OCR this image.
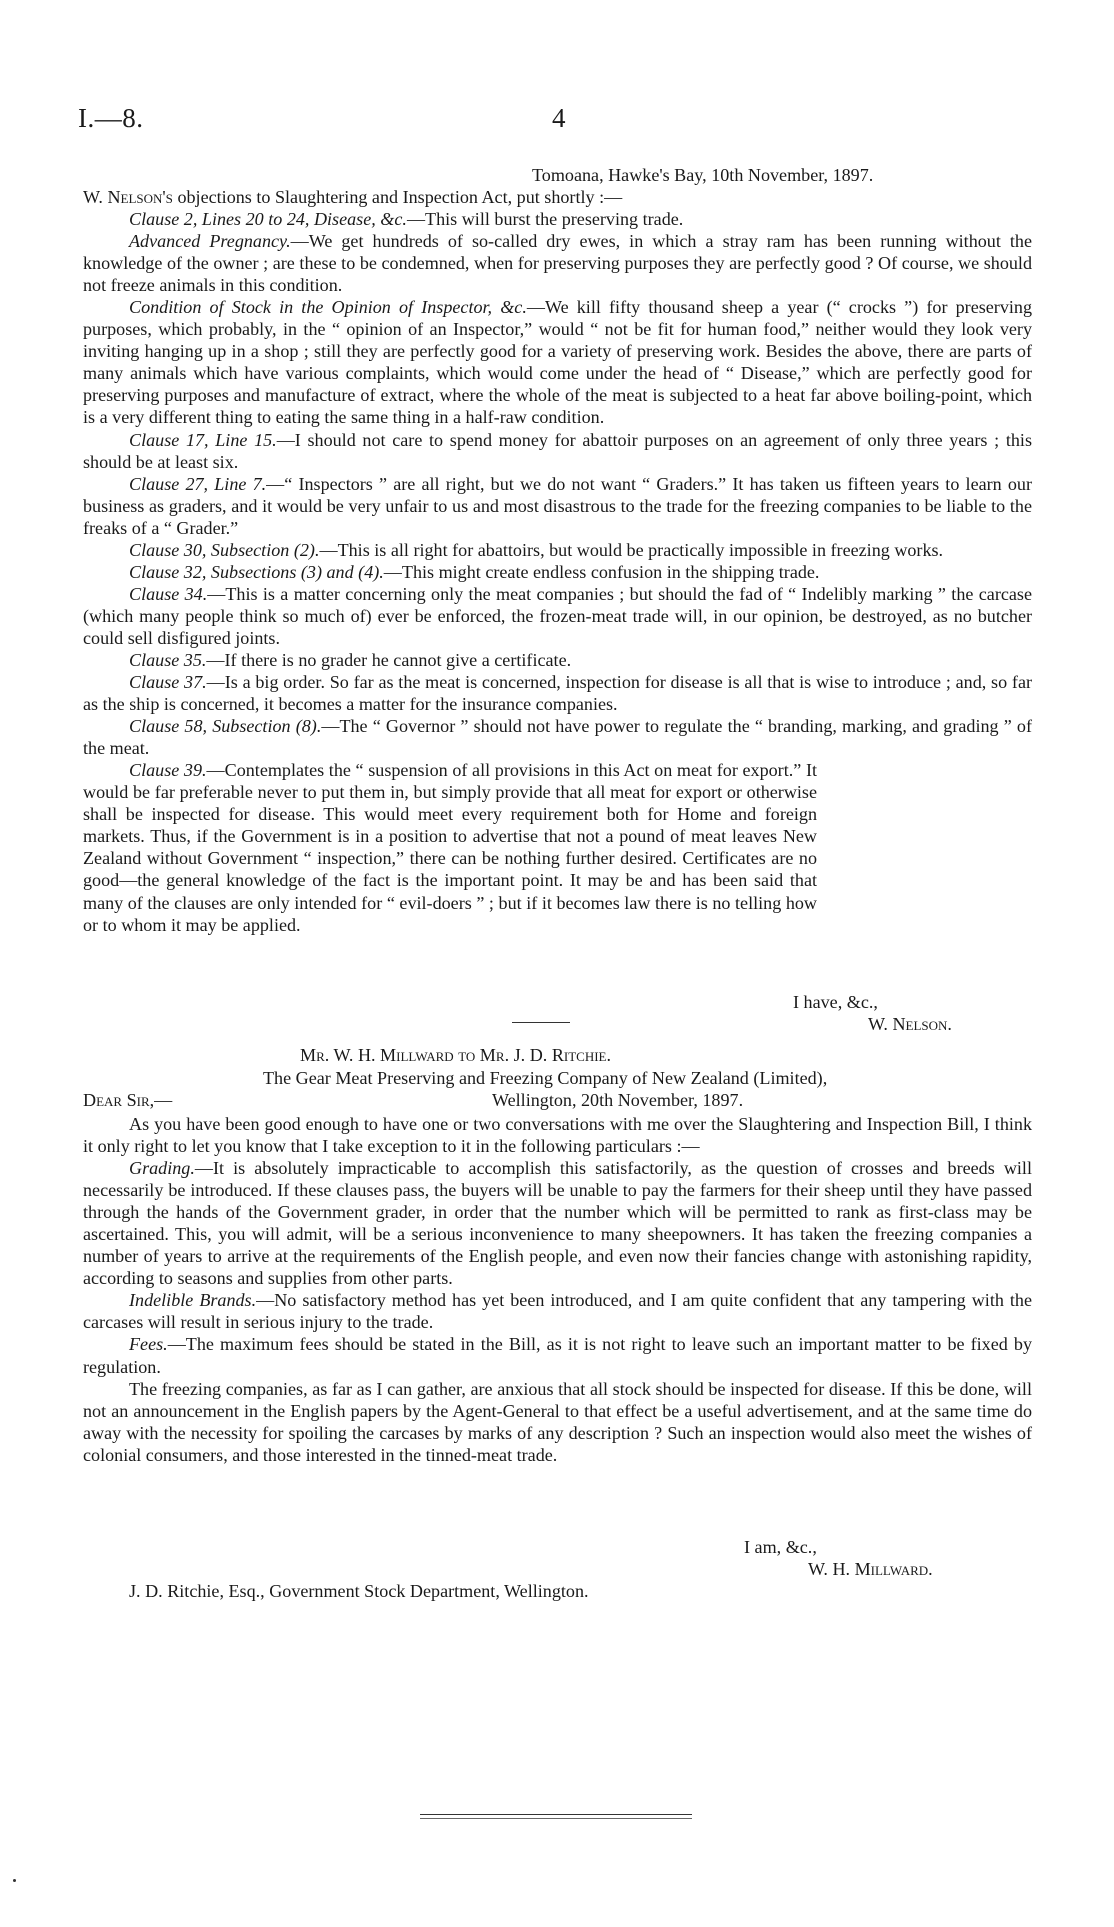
I.—8.	4
Tomoana, Hawke's Bay, 10th November, 1897.

W. Nelson's objections to Slaughtering and Inspection Act, put shortly :—

Clause 2, Lines 20 to 24, Disease, &c.—This will burst the preserving trade.

Advanced Pregnancy.—We get hundreds of so-called dry ewes, in which a stray ram has been running without the knowledge of the owner ; are these to be condemned, when for preserving purposes they are perfectly good ? Of course, we should not freeze animals in this condition.

Condition of Stock in the Opinion of Inspector, &c.—We kill fifty thousand sheep a year (“ crocks ”) for preserving purposes, which probably, in the “ opinion of an Inspector,” would “ not be fit for human food,” neither would they look very inviting hanging up in a shop ; still they are perfectly good for a variety of preserving work. Besides the above, there are parts of many animals which have various complaints, which would come under the head of “ Disease,” which are perfectly good for preserving purposes and manufacture of extract, where the whole of the meat is subjected to a heat far above boiling-point, which is a very different thing to eating the same thing in a half-raw condition.

Clause 17, Line 15.—I should not care to spend money for abattoir purposes on an agreement of only three years ; this should be at least six.

Clause 27, Line 7.—“ Inspectors ” are all right, but we do not want “ Graders.” It has taken us fifteen years to learn our business as graders, and it would be very unfair to us and most disastrous to the trade for the freezing companies to be liable to the freaks of a “ Grader.”

Clause 30, Subsection (2).—This is all right for abattoirs, but would be practically impossible in freezing works.

Clause 32, Subsections (3) and (4).—This might create endless confusion in the shipping trade.

Clause 34.—This is a matter concerning only the meat companies ; but should the fad of “ Indelibly marking ” the carcase (which many people think so much of) ever be enforced, the frozen-meat trade will, in our opinion, be destroyed, as no butcher could sell disfigured joints.

Clause 35.—If there is no grader he cannot give a certificate.

Clause 37.—Is a big order. So far as the meat is concerned, inspection for disease is all that is wise to introduce ; and, so far as the ship is concerned, it becomes a matter for the insurance companies.

Clause 58, Subsection (8).—The “ Governor ” should not have power to regulate the “ branding, marking, and grading ” of the meat.

Clause 39.—Contemplates the “ suspension of all provisions in this Act on meat for export.” It would be far preferable never to put them in, but simply provide that all meat for export or otherwise shall be inspected for disease. This would meet every requirement both for Home and foreign markets. Thus, if the Government is in a position to advertise that not a pound of meat leaves New Zealand without Government “ inspection,” there can be nothing further desired. Certificates are no good—the general knowledge of the fact is the important point. It may be and has been said that many of the clauses are only intended for “ evil-doers ” ; but if it becomes law there is no telling how or to whom it may be applied.

I have, &c.,
W. Nelson.
Mr. W. H. Millward to Mr. J. D. Ritchie.
The Gear Meat Preserving and Freezing Company of New Zealand (Limited),
Dear Sir,—	Wellington, 20th November, 1897.

As you have been good enough to have one or two conversations with me over the Slaughtering and Inspection Bill, I think it only right to let you know that I take exception to it in the following particulars :—

Grading.—It is absolutely impracticable to accomplish this satisfactorily, as the question of crosses and breeds will necessarily be introduced. If these clauses pass, the buyers will be unable to pay the farmers for their sheep until they have passed through the hands of the Government grader, in order that the number which will be permitted to rank as first-class may be ascertained. This, you will admit, will be a serious inconvenience to many sheepowners. It has taken the freezing companies a number of years to arrive at the requirements of the English people, and even now their fancies change with astonishing rapidity, according to seasons and supplies from other parts.

Indelible Brands.—No satisfactory method has yet been introduced, and I am quite confident that any tampering with the carcases will result in serious injury to the trade.

Fees.—The maximum fees should be stated in the Bill, as it is not right to leave such an important matter to be fixed by regulation.

The freezing companies, as far as I can gather, are anxious that all stock should be inspected for disease. If this be done, will not an announcement in the English papers by the Agent-General to that effect be a useful advertisement, and at the same time do away with the necessity for spoiling the carcases by marks of any description ? Such an inspection would also meet the wishes of colonial consumers, and those interested in the tinned-meat trade.

I am, &c.,
W. H. Millward.
J. D. Ritchie, Esq., Government Stock Department, Wellington.
